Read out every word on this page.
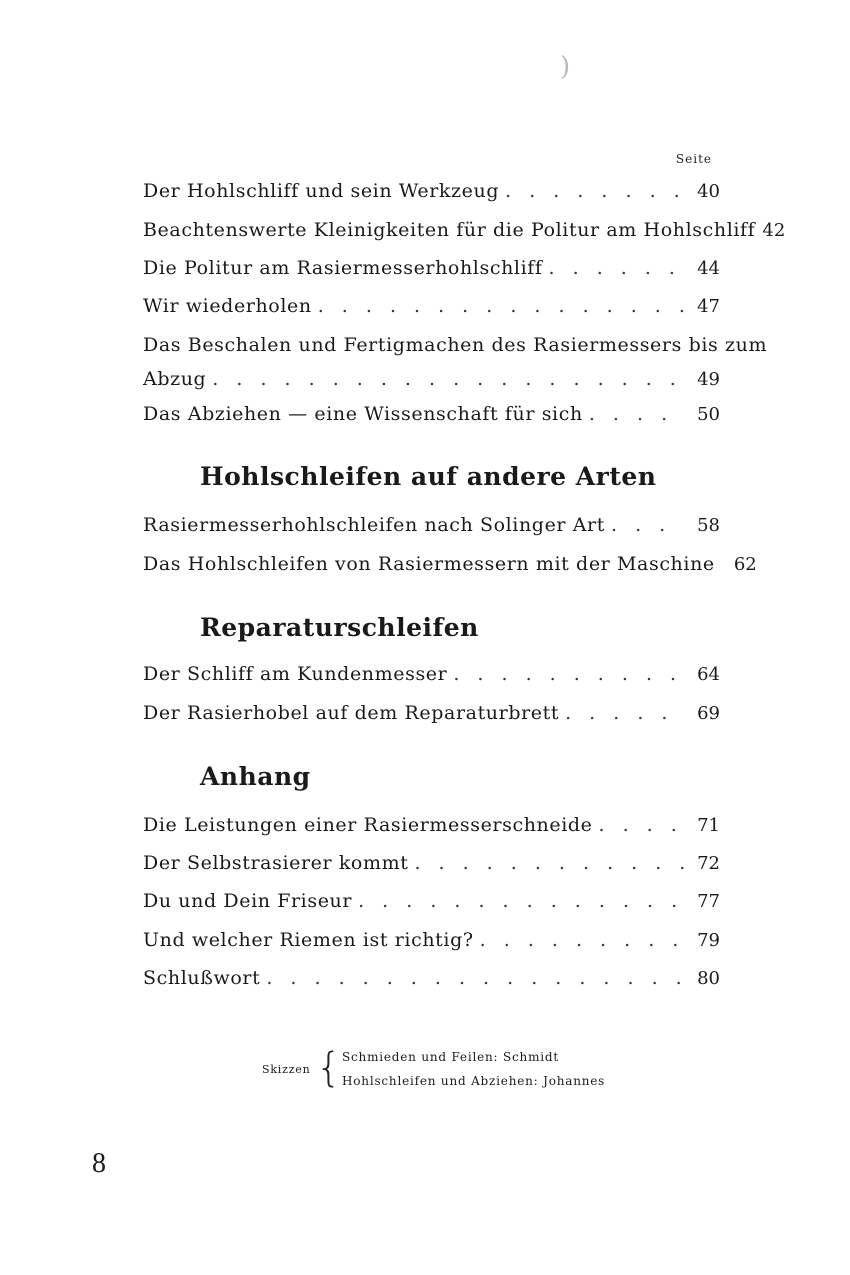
)
Seite
Der Hohlschliff und sein Werkzeug . . .	40
Beachtenswerte Kleinigkeiten für die Politur am Hohlschliff 42
Die Politur am Rasiermesserhohlschliff . . .	44
Wir wiederholen . . .	47
Das Beschalen und Fertigmachen des Rasiermessers bis zum
Abzug . . .	49
Das Abziehen — eine Wissenschaft für sich . . .	50
Hohlschleifen auf andere Arten
Rasiermesserhohlschleifen nach Solinger Art . . .	58
Das Hohlschleifen von Rasiermessern mit der Maschine	62
Reparaturschleifen
Der Schliff am Kundenmesser . . .	64
Der Rasierhobel auf dem Reparaturbrett . . .	69
Anhang
Die Leistungen einer Rasiermesserschneide . . .	71
Der Selbstrasierer kommt . . .	72
Du und Dein Friseur . . .	77
Und welcher Riemen ist richtig? . . .	79
Schlußwort . . .	80
Skizzen { Schmieden und Feilen: Schmidt
Hohlschleifen und Abziehen: Johannes
8
